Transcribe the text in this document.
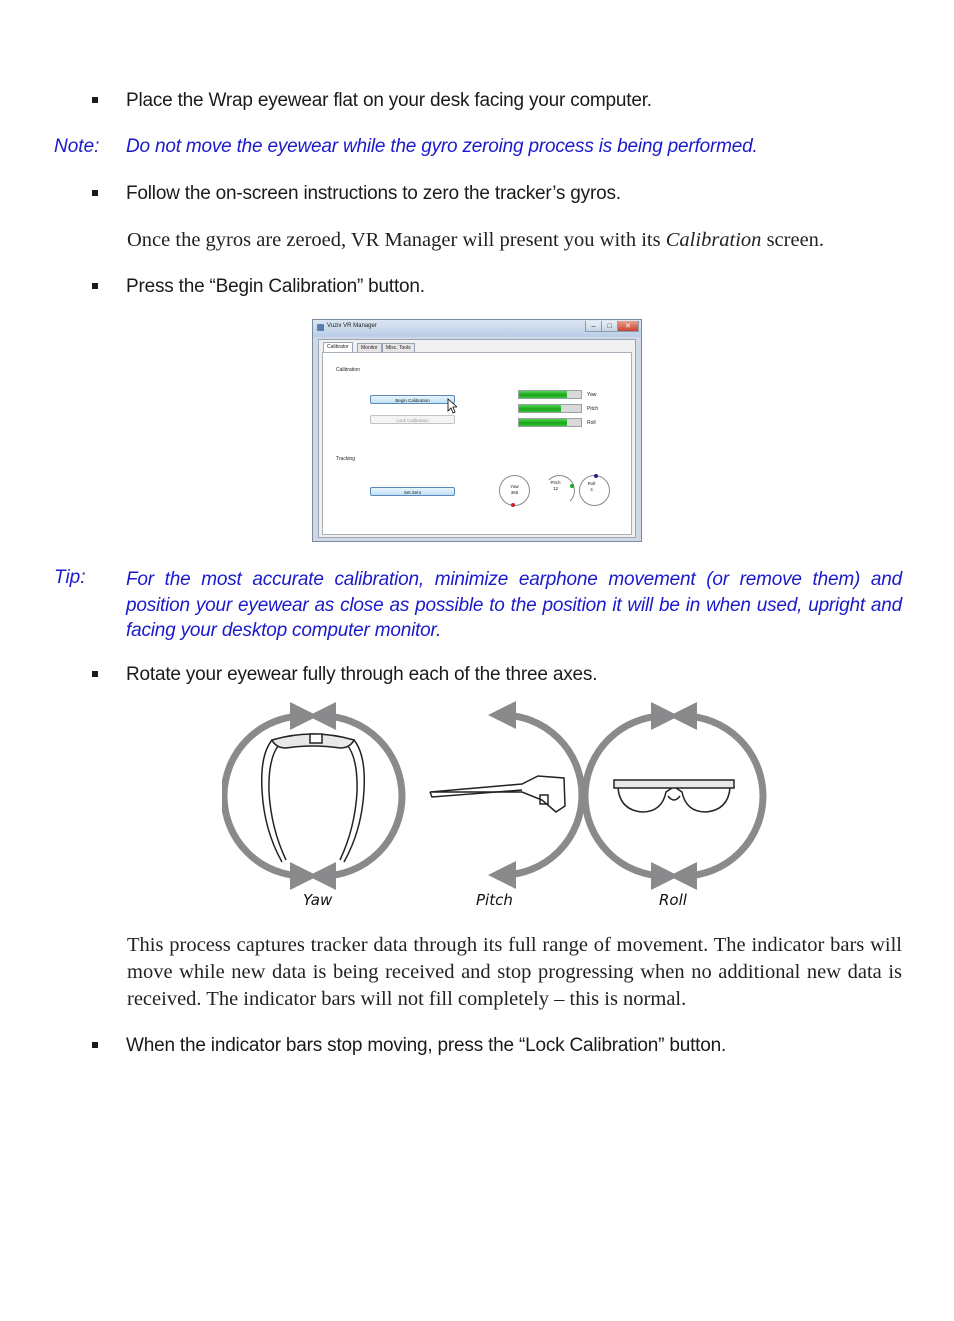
Place the Wrap eyewear flat on your desk facing your computer.
Note: Do not move the eyewear while the gyro zeroing process is being performed.
Follow the on-screen instructions to zero the tracker’s gyros.
Once the gyros are zeroed, VR Manager will present you with its Calibration screen.
Press the “Begin Calibration” button.
Vuzix VR Manager	–	□	✕
Calibrator	Monitor	Misc. Tools
Calibration
Begin Calibration
Lock Calibration
Yaw
Pitch
Roll
Tracking
Set Zero
Yaw
365
Pitch
12
Roll
4
Tip: For the most accurate calibration, minimize earphone movement (or remove them) and position your eyewear as close as possible to the position it will be in when used, upright and facing your desktop computer monitor.
Rotate your eyewear fully through each of the three axes.
Yaw	Pitch	Roll
This process captures tracker data through its full range of movement. The indicator bars will move while new data is being received and stop progressing when no additional new data is received. The indicator bars will not fill completely – this is normal.
When the indicator bars stop moving, press the “Lock Calibration” button.
